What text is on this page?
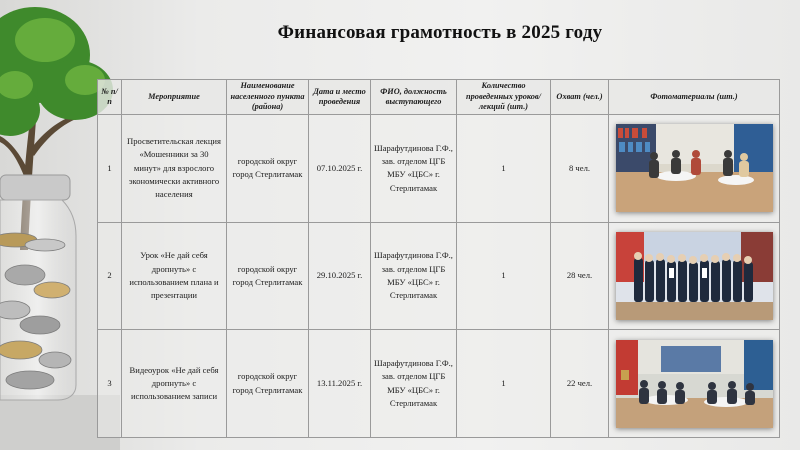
Финансовая грамотность в 2025 году
№ п/п	Мероприятие	Наименование населенного пункта (района)	Дата и место проведения	ФИО, должность выступающего	Количество проведенных уроков/лекций (шт.)	Охват (чел.)	Фотоматериалы (шт.)
1	Просветительская лекция «Мошенники за 30 минут» для взрослого экономически активного населения	городской округ город Стерлитамак	07.10.2025 г.	Шарафутдинова Г.Ф., зав. отделом ЦГБ МБУ «ЦБС» г. Стерлитамак	1	8 чел.	

2	Урок «Не дай себя дропнуть» с использованием плана и презентации	городской округ город Стерлитамак	29.10.2025 г.	Шарафутдинова Г.Ф., зав. отделом ЦГБ МБУ «ЦБС» г. Стерлитамак	1	28 чел.	

3	Видеоурок «Не дай себя дропнуть» с использованием записи	городской округ город Стерлитамак	13.11.2025 г.	Шарафутдинова Г.Ф., зав. отделом ЦГБ МБУ «ЦБС» г. Стерлитамак	1	22 чел.	
